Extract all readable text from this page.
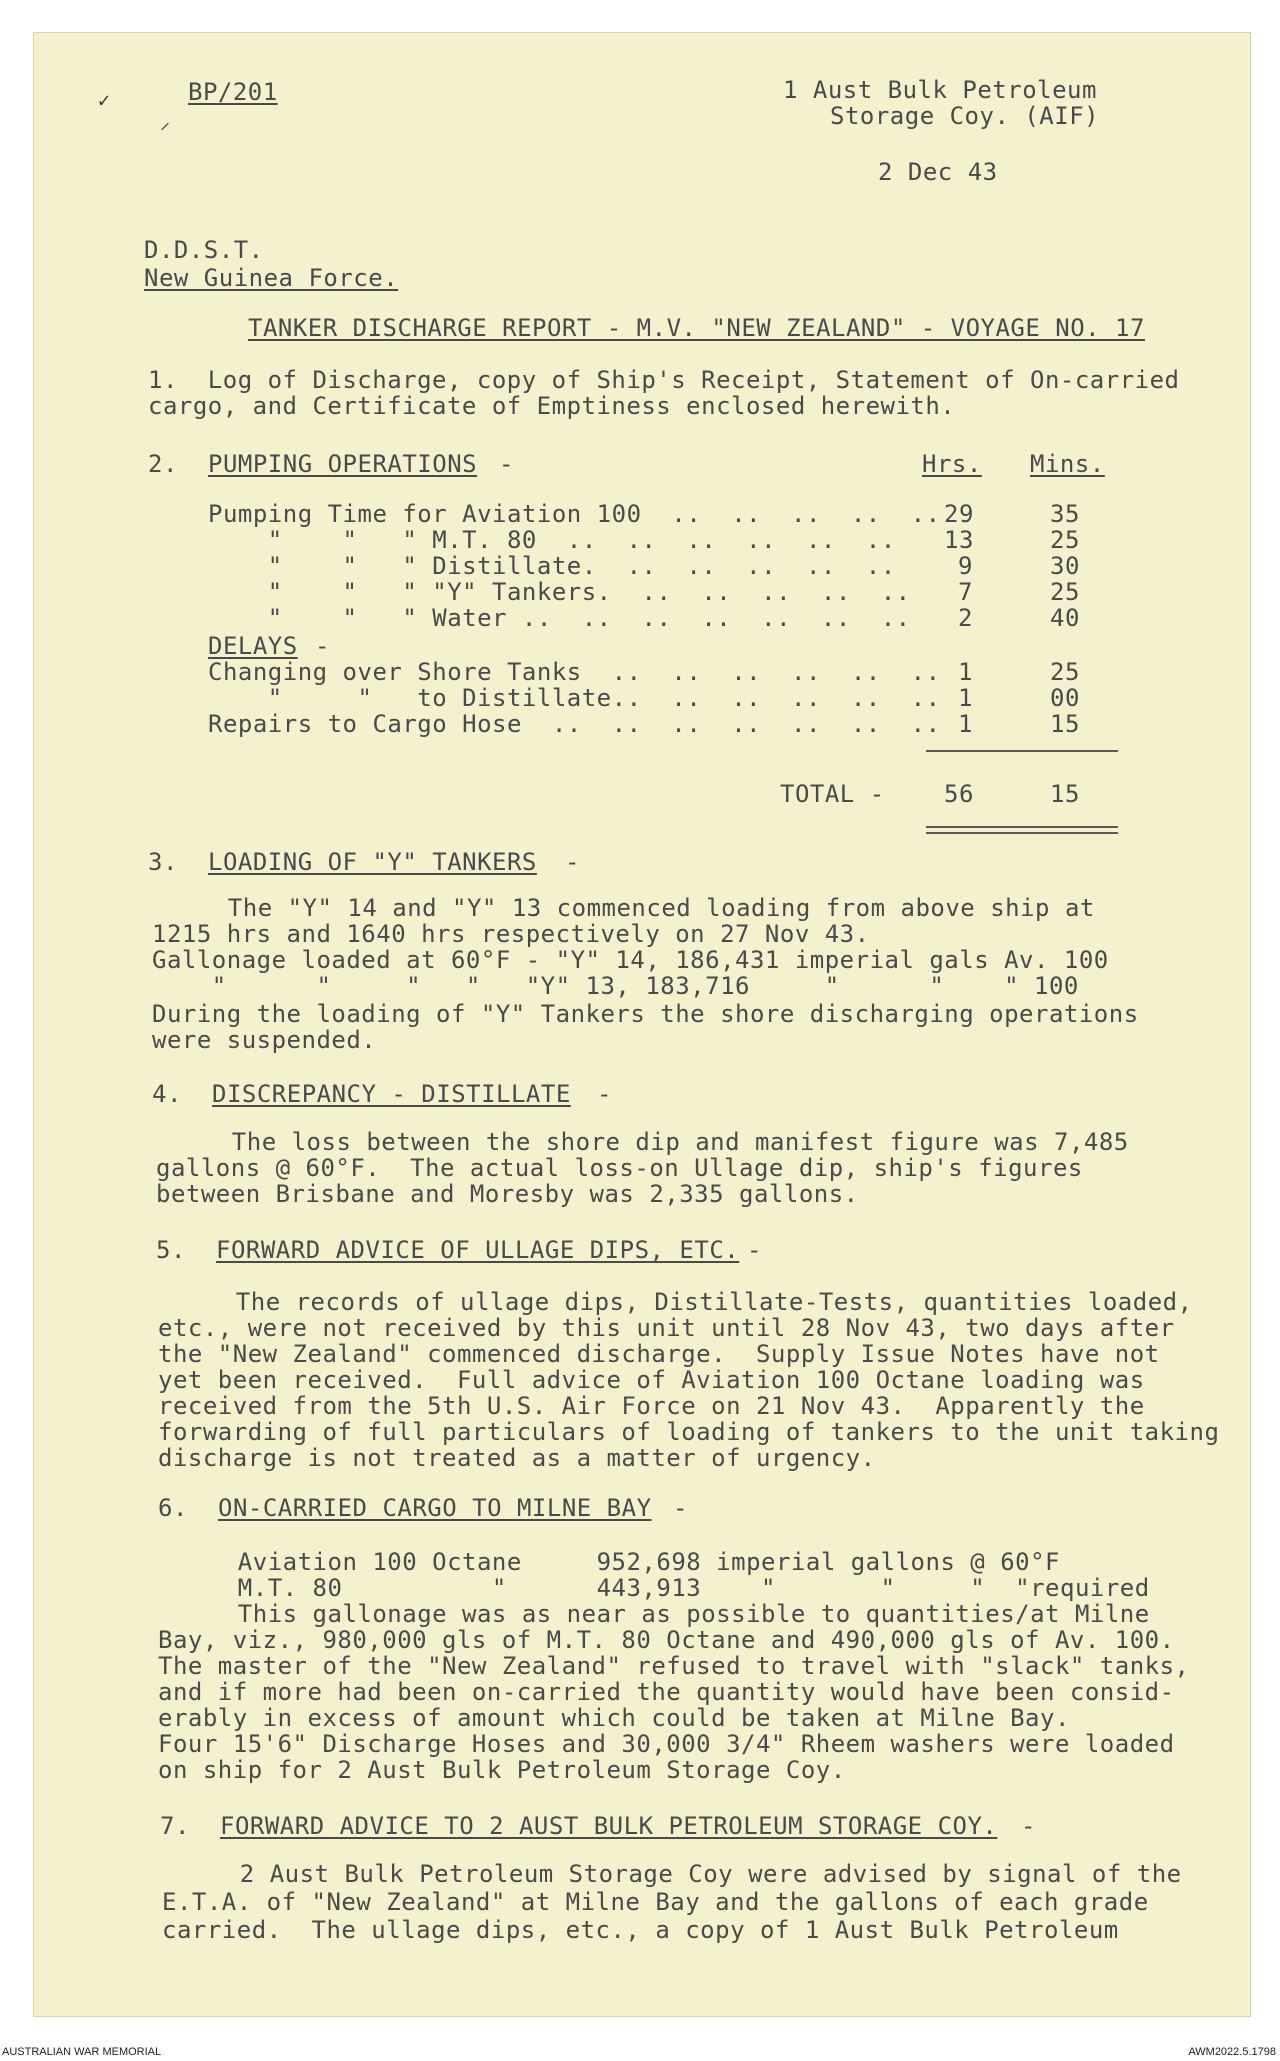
✓
⸍
BP/201	1 Aust Bulk Petroleum
Storage Coy. (AIF)
2 Dec 43
D.D.S.T.
New Guinea Force.
TANKER DISCHARGE REPORT - M.V. "NEW ZEALAND" - VOYAGE NO. 17
1.  Log of Discharge, copy of Ship's Receipt, Statement of On-carried
cargo, and Certificate of Emptiness enclosed herewith.
2. PUMPING OPERATIONS -	Hrs. Mins.
Pumping Time for Aviation 100  ..  ..  ..  ..  .. 29	35
"    "   " M.T. 80  ..  ..  ..  ..  ..  .. 13	25
"    "   " Distillate.  ..  ..  ..  ..  ..	9	30
"    "   " "Y" Tankers.  ..  ..  ..  ..  .. 7	25
"    "   " Water ..  ..  ..  ..  ..  ..  .. 2	40
DELAYS -
Changing over Shore Tanks  ..  ..  ..  ..  ..  .. 1	25
"     "   to Distillate..  ..  ..  ..  ..  .. 1	00
Repairs to Cargo Hose  ..  ..  ..  ..  ..  ..  .. 1	15
TOTAL - 56	15
3. LOADING OF "Y" TANKERS -
The "Y" 14 and "Y" 13 commenced loading from above ship at
1215 hrs and 1640 hrs respectively on 27 Nov 43.
Gallonage loaded at 60°F - "Y" 14, 186,431 imperial gals Av. 100
"      "     "   "   "Y" 13, 183,716     "      "    " 100
During the loading of "Y" Tankers the shore discharging operations
were suspended.
4. DISCREPANCY - DISTILLATE -
The loss between the shore dip and manifest figure was 7,485
gallons @ 60°F.  The actual loss-on Ullage dip, ship's figures
between Brisbane and Moresby was 2,335 gallons.
5. FORWARD ADVICE OF ULLAGE DIPS, ETC.
-
The records of ullage dips, Distillate-Tests, quantities loaded,
etc., were not received by this unit until 28 Nov 43, two days after
the "New Zealand" commenced discharge.  Supply Issue Notes have not
yet been received.  Full advice of Aviation 100 Octane loading was
received from the 5th U.S. Air Force on 21 Nov 43.  Apparently the
forwarding of full particulars of loading of tankers to the unit taking
discharge is not treated as a matter of urgency.
6. ON-CARRIED CARGO TO MILNE BAY -
Aviation 100 Octane     952,698 imperial gallons @ 60°F
M.T. 80          "      443,913    "       "     "  "required
This gallonage was as near as possible to quantities/at Milne
Bay, viz., 980,000 gls of M.T. 80 Octane and 490,000 gls of Av. 100.
The master of the "New Zealand" refused to travel with "slack" tanks,
and if more had been on-carried the quantity would have been consid-
erably in excess of amount which could be taken at Milne Bay.
Four 15'6" Discharge Hoses and 30,000 3/4" Rheem washers were loaded
on ship for 2 Aust Bulk Petroleum Storage Coy.
7. FORWARD ADVICE TO 2 AUST BULK PETROLEUM STORAGE COY. -
2 Aust Bulk Petroleum Storage Coy were advised by signal of the
E.T.A. of "New Zealand" at Milne Bay and the gallons of each grade
carried.  The ullage dips, etc., a copy of 1 Aust Bulk Petroleum
AUSTRALIAN WAR MEMORIAL	AWM2022.5.1798
